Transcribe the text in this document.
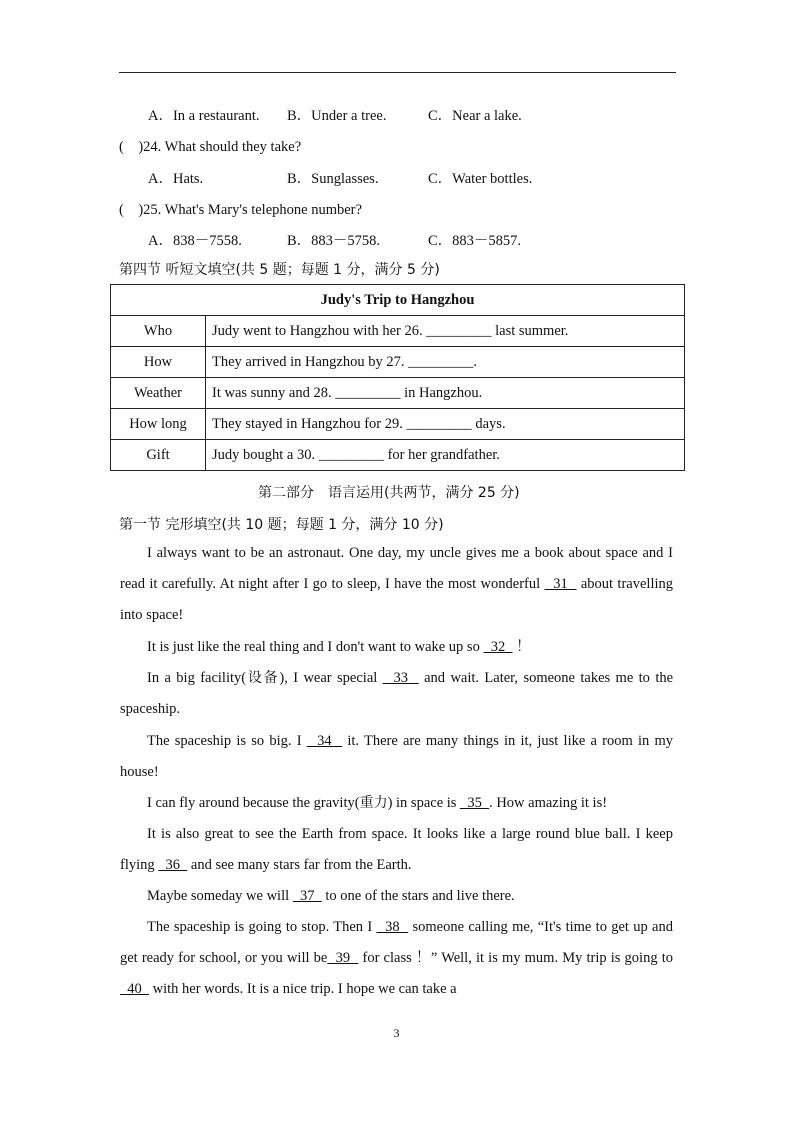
A．In a restaurant. B．Under a tree.	C．Near a lake.
(　)24. What should they take?
A．Hats.	B．Sunglasses.	C．Water bottles.
(　)25. What's Mary's telephone number?
A．838－7558.	B．883－5758.	C．883－5857.
第四节 听短文填空(共 5 题；每题 1 分，满分 5 分)
Judy's Trip to Hangzhou	
Who	Judy went to Hangzhou with her 26. _________ last summer.
How	They arrived in Hangzhou by 27. _________.
Weather	It was sunny and 28. _________ in Hangzhou.
How long	They stayed in Hangzhou for 29. _________ days.
Gift	Judy bought a 30. _________ for her grandfather.
第二部分　语言运用(共两节，满分 25 分)
第一节 完形填空(共 10 题；每题 1 分，满分 10 分)
I always want to be an astronaut. One day, my uncle gives me a book about space and I read it carefully. At night after I go to sleep, I have the most wonderful   31   about travelling into space!
It is just like the real thing and I don't want to wake up so   32   ！
In a big facility(设备), I wear special   33   and wait. Later, someone takes me to the spaceship.
The spaceship is so big. I   34   it. There are many things in it, just like a room in my house!
I can fly around because the gravity(重力) in space is   35  . How amazing it is!
It is also great to see the Earth from space. It looks like a large round blue ball. I keep flying   36   and see many stars far from the Earth.
Maybe someday we will   37   to one of the stars and live there.
The spaceship is going to stop. Then I   38   someone calling me, “It's time to get up and get ready for school, or you will be  39   for class ！” Well, it is my mum. My trip is going to   40   with her words. It is a nice trip. I hope we can take a
3
